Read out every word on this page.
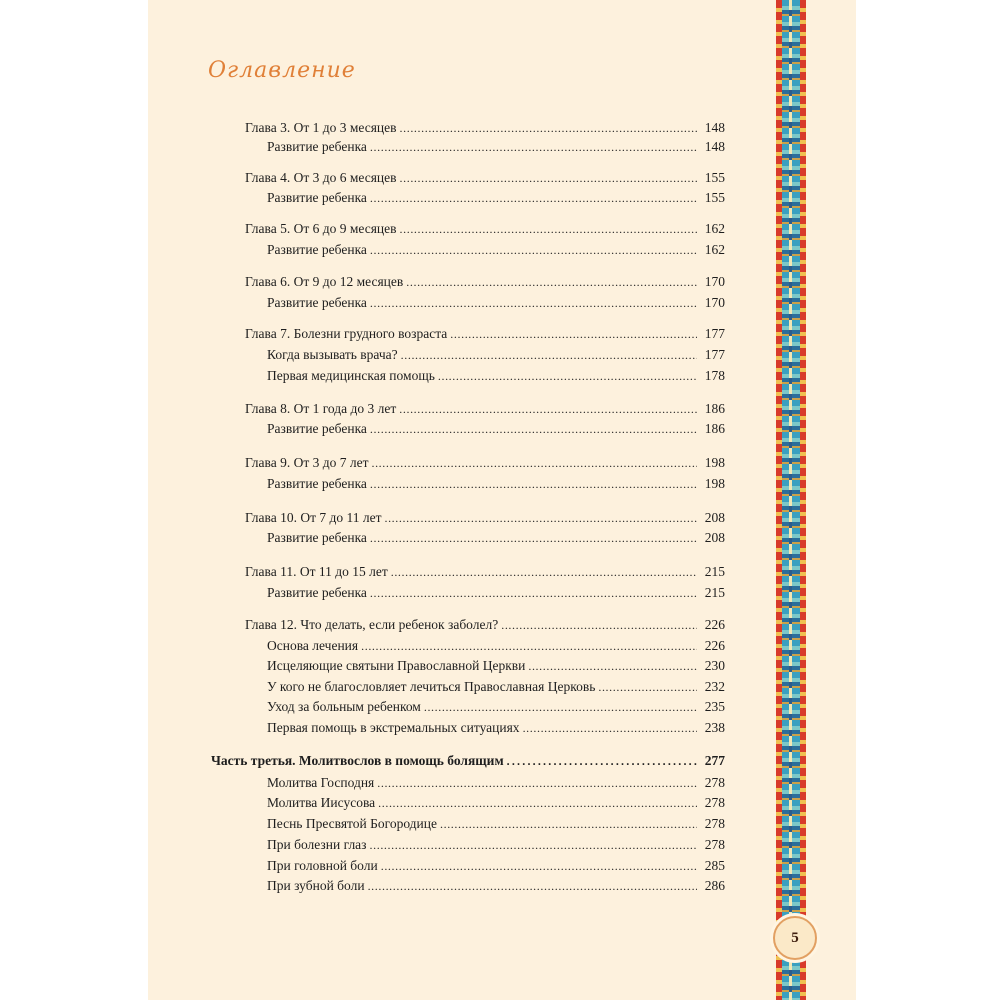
Оглавление
Глава 3. От 1 до 3 месяцев . . .	148
Развитие ребенка . . .	148
Глава 4. От 3 до 6 месяцев . . .	155
Развитие ребенка . . .	155
Глава 5. От 6 до 9 месяцев . . .	162
Развитие ребенка . . .	162
Глава 6. От 9 до 12 месяцев . . .	170
Развитие ребенка . . .	170
Глава 7. Болезни грудного возраста . . .	177
Когда вызывать врача? . . .	177
Первая медицинская помощь . . .	178
Глава 8. От 1 года до 3 лет . . .	186
Развитие ребенка . . .	186
Глава 9. От 3 до 7 лет . . .	198
Развитие ребенка . . .	198
Глава 10. От 7 до 11 лет . . .	208
Развитие ребенка . . .	208
Глава 11. От 11 до 15 лет . . .	215
Развитие ребенка . . .	215
Глава 12. Что делать, если ребенок заболел? . . .	226
Основа лечения . . .	226
Исцеляющие святыни Православной Церкви . . .	230
У кого не благословляет лечиться Православная Церковь . . .	232
Уход за больным ребенком . . .	235
Первая помощь в экстремальных ситуациях . . .	238
Часть третья. Молитвослов в помощь болящим . . .	277
Молитва Господня . . .	278
Молитва Иисусова . . .	278
Песнь Пресвятой Богородице . . .	278
При болезни глаз . . .	278
При головной боли . . .	285
При зубной боли . . .	286
5
